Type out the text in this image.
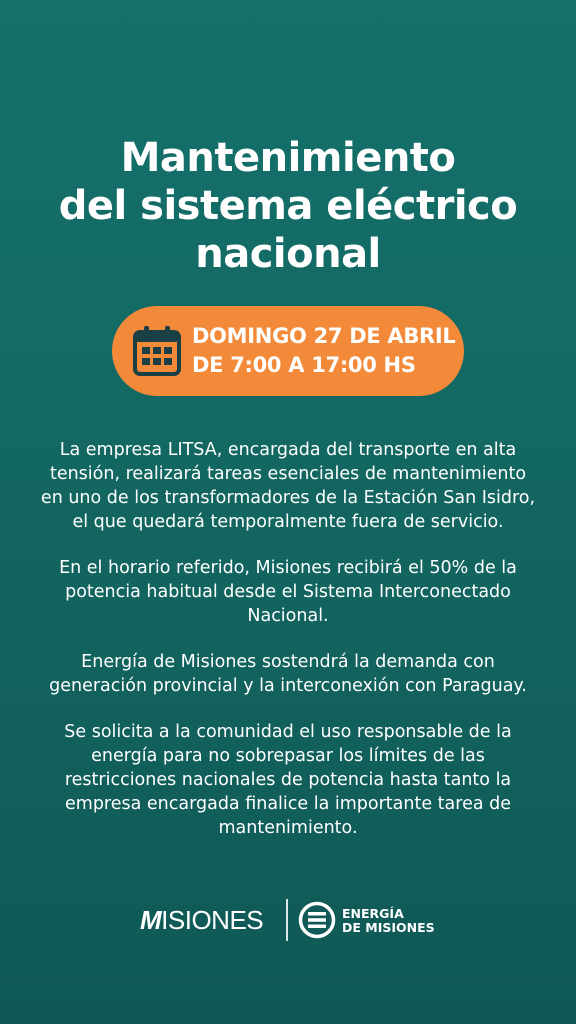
Mantenimiento
del sistema eléctrico
nacional
DOMINGO 27 DE ABRIL
DE 7:00 A 17:00 HS

La empresa LITSA, encargada del transporte en alta tensión, realizará tareas esenciales de mantenimiento en uno de los transformadores de la Estación San Isidro, el que quedará temporalmente fuera de servicio.

En el horario referido, Misiones recibirá el 50% de la potencia habitual desde el Sistema Interconectado Nacional.

Energía de Misiones sostendrá la demanda con generación provincial y la interconexión con Paraguay.

Se solicita a la comunidad el uso responsable de la energía para no sobrepasar los límites de las restricciones nacionales de potencia hasta tanto la empresa encargada finalice la importante tarea de mantenimiento.

MISIONES	ENERGÍA
DE MISIONES
